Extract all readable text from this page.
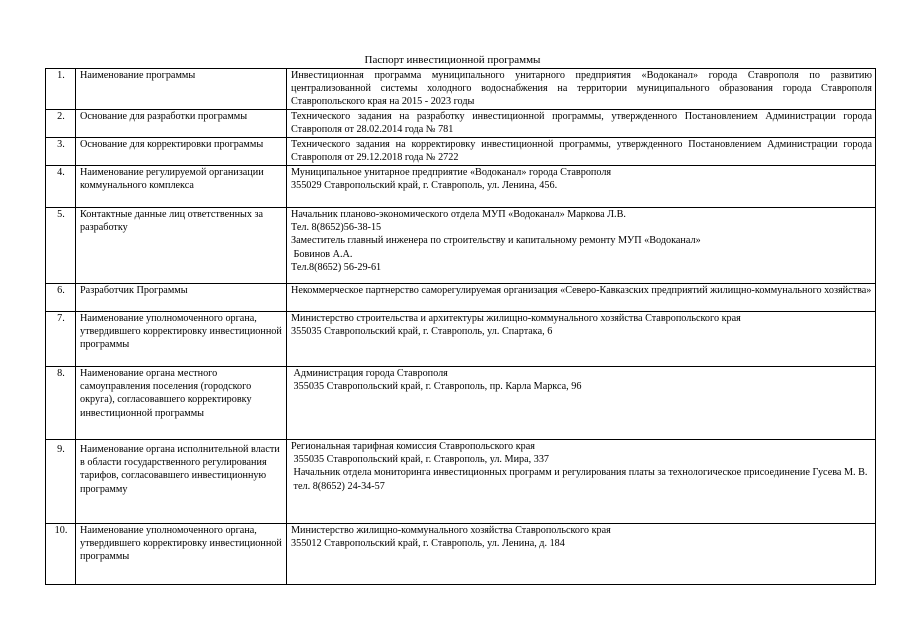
Паспорт инвестиционной программы
1.	Наименование программы	Инвестиционная программа муниципального унитарного предприятия «Водоканал» города Ставрополя по развитию централизованной системы холодного водоснабжения на территории муниципального образования города Ставрополя Ставропольского края на 2015 - 2023 годы

2.	Основание для разработки программы	Технического задания на разработку инвестиционной программы, утвержденного Постановлением Администрации города Ставрополя от 28.02.2014 года № 781

3.	Основание для корректировки программы	Технического задания на корректировку инвестиционной программы, утвержденного Постановлением Администрации города Ставрополя от 29.12.2018 года № 2722

4.	Наименование регулируемой организации коммунального комплекса	Муниципальное унитарное предприятие «Водоканал» города Ставрополя
355029 Ставропольский край, г. Ставрополь, ул. Ленина, 456.

5.	Контактные данные лиц ответственных за разработку	Начальник планово-экономического отдела МУП «Водоканал» Маркова Л.В.
Тел. 8(8652)56-38-15
Заместитель главный инженера по строительству и капитальному ремонту МУП «Водоканал»
Бовинов А.А.
Тел.8(8652) 56-29-61

6.	Разработчик Программы	Некоммерческое партнерство саморегулируемая организация «Северо-Кавказских предприятий жилищно-коммунального хозяйства»

7.	Наименование уполномоченного органа, утвердившего корректировку инвестиционной программы	Министерство строительства и архитектуры жилищно-коммунального хозяйства Ставропольского края
355035 Ставропольский край, г. Ставрополь, ул. Спартака, 6

8.	Наименование органа местного самоуправления поселения (городского округа), согласовавшего корректировку инвестиционной программы	Администрация города Ставрополя
355035 Ставропольский край, г. Ставрополь, пр. Карла Маркса, 96

9.	Наименование органа исполнительной власти в области государственного регулирования тарифов, согласовавшего инвестиционную программу	Региональная тарифная комиссия Ставропольского края
355035 Ставропольский край, г. Ставрополь, ул. Мира, 337
Начальник отдела мониторинга инвестиционных программ и регулирования платы за технологическое присоединение Гусева М. В.
тел. 8(8652) 24-34-57

10.	Наименование уполномоченного органа, утвердившего корректировку инвестиционной программы	Министерство жилищно-коммунального хозяйства Ставропольского края
355012 Ставропольский край, г. Ставрополь, ул. Ленина, д. 184
